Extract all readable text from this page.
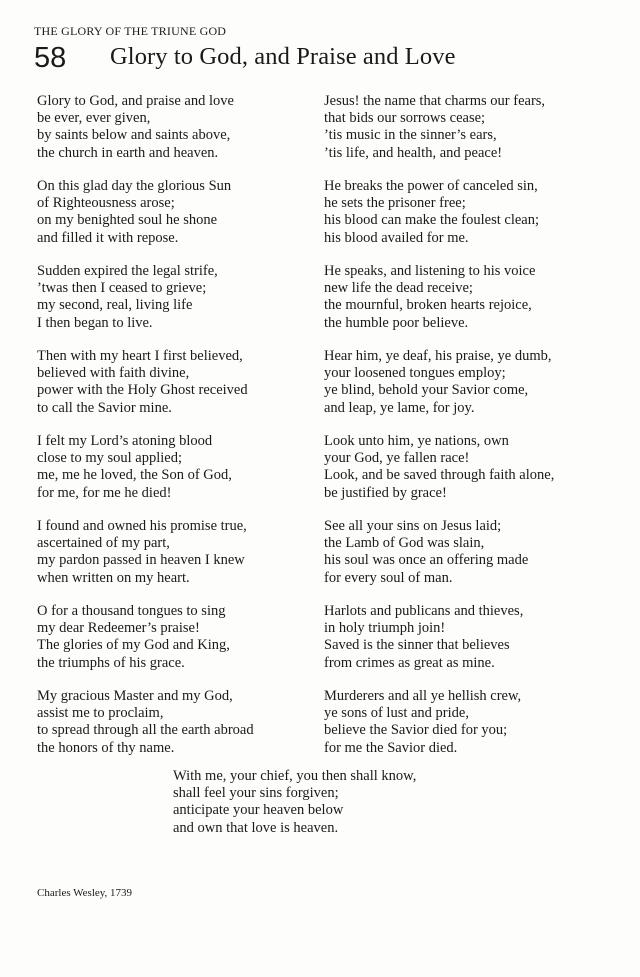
THE GLORY OF THE TRIUNE GOD
58 Glory to God, and Praise and Love
Glory to God, and praise and love
be ever, ever given,
by saints below and saints above,
the church in earth and heaven.
On this glad day the glorious Sun
of Righteousness arose;
on my benighted soul he shone
and filled it with repose.
Sudden expired the legal strife,
’twas then I ceased to grieve;
my second, real, living life
I then began to live.
Then with my heart I first believed,
believed with faith divine,
power with the Holy Ghost received
to call the Savior mine.
I felt my Lord’s atoning blood
close to my soul applied;
me, me he loved, the Son of God,
for me, for me he died!
I found and owned his promise true,
ascertained of my part,
my pardon passed in heaven I knew
when written on my heart.
O for a thousand tongues to sing
my dear Redeemer’s praise!
The glories of my God and King,
the triumphs of his grace.
My gracious Master and my God,
assist me to proclaim,
to spread through all the earth abroad
the honors of thy name.
Jesus! the name that charms our fears,
that bids our sorrows cease;
’tis music in the sinner’s ears,
’tis life, and health, and peace!
He breaks the power of canceled sin,
he sets the prisoner free;
his blood can make the foulest clean;
his blood availed for me.
He speaks, and listening to his voice
new life the dead receive;
the mournful, broken hearts rejoice,
the humble poor believe.
Hear him, ye deaf, his praise, ye dumb,
your loosened tongues employ;
ye blind, behold your Savior come,
and leap, ye lame, for joy.
Look unto him, ye nations, own
your God, ye fallen race!
Look, and be saved through faith alone,
be justified by grace!
See all your sins on Jesus laid;
the Lamb of God was slain,
his soul was once an offering made
for every soul of man.
Harlots and publicans and thieves,
in holy triumph join!
Saved is the sinner that believes
from crimes as great as mine.
Murderers and all ye hellish crew,
ye sons of lust and pride,
believe the Savior died for you;
for me the Savior died.
With me, your chief, you then shall know,
shall feel your sins forgiven;
anticipate your heaven below
and own that love is heaven.
Charles Wesley, 1739
